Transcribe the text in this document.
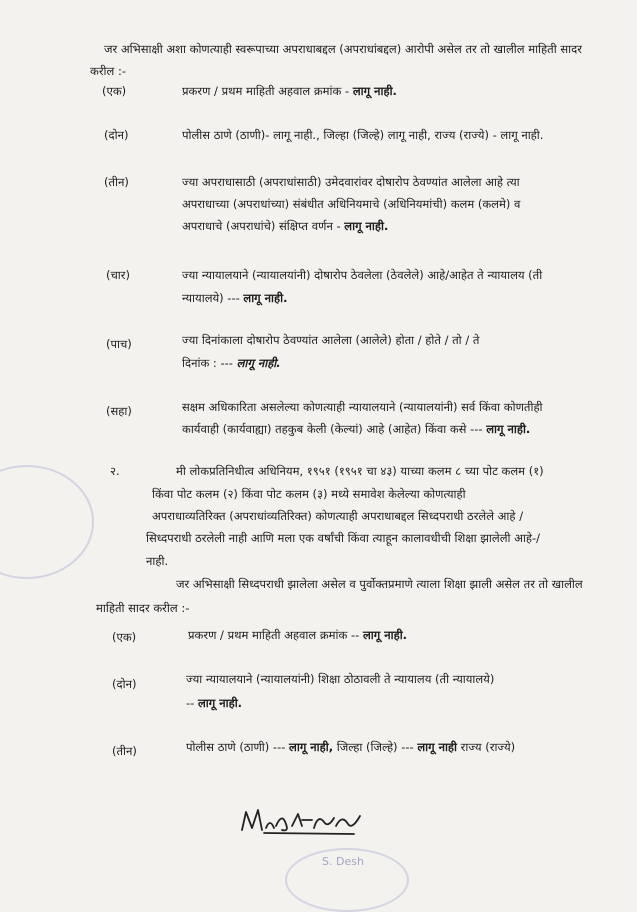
S. Desh
जर अभिसाक्षी अशा कोणत्याही स्वरूपाच्या अपराधाबद्दल (अपराधांबद्दल) आरोपी असेल तर तो खालील माहिती सादर
करील :-
(एक)	प्रकरण / प्रथम माहिती अहवाल क्रमांक - लागू नाही.
(दोन)	पोलीस ठाणे (ठाणी)- लागू नाही., जिल्हा (जिल्हे) लागू नाही, राज्य (राज्ये) - लागू नाही.
(तीन)	ज्या अपराधासाठी (अपराधांसाठी) उमेदवारांवर दोषारोप ठेवण्यांत आलेला आहे त्या
अपराधाच्या (अपराधांच्या) संबंधीत अधिनियमाचे (अधिनियमांची) कलम (कलमे) व
अपराधाचे (अपराधांचे) संक्षिप्त वर्णन - लागू नाही.
(चार)	ज्या न्यायालयाने (न्यायालयांनी) दोषारोप ठेवलेला (ठेवलेले) आहे/आहेत ते न्यायालय (ती
न्यायालये) --- लागू नाही.
(पाच)	ज्या दिनांकाला दोषारोप ठेवण्यांत आलेला (आलेले) होता / होते / तो / ते
दिनांक : --- लागू नाही.
(सहा)	सक्षम अधिकारिता असलेल्या कोणत्याही न्यायालयाने (न्यायालयांनी) सर्व किंवा कोणतीही
कार्यवाही (कार्यवाह्या) तहकुब केली (केल्यां) आहे (आहेत) किंवा कसे --- लागू नाही.
२.	मी लोकप्रतिनिधीत्व अधिनियम, १९५१ (१९५१ चा ४३) याच्या कलम ८ च्या पोट कलम (१)
किंवा पोट कलम (२) किंवा पोट कलम (३) मध्ये समावेश केलेल्या कोणत्याही
अपराधाव्यतिरिक्त (अपराधांव्यतिरिक्त) कोणत्याही अपराधाबद्दल सिध्दपराधी ठरलेले आहे /
सिध्दपराधी ठरलेली नाही आणि मला एक वर्षांची किंवा त्याहून कालावधीची शिक्षा झालेली आहे-/
नाही.
जर अभिसाक्षी सिध्दपराधी झालेला असेल व पुर्वोक्तप्रमाणे त्याला शिक्षा झाली असेल तर तो खालील
माहिती सादर करील :-
(एक)	प्रकरण / प्रथम माहिती अहवाल क्रमांक -- लागू नाही.
(दोन)	ज्या न्यायालयाने (न्यायालयांनी) शिक्षा ठोठावली ते न्यायालय (ती न्यायालये)
-- लागू नाही.
(तीन)	पोलीस ठाणे (ठाणी) --- लागू नाही, जिल्हा (जिल्हे) --- लागू नाही राज्य (राज्ये)
